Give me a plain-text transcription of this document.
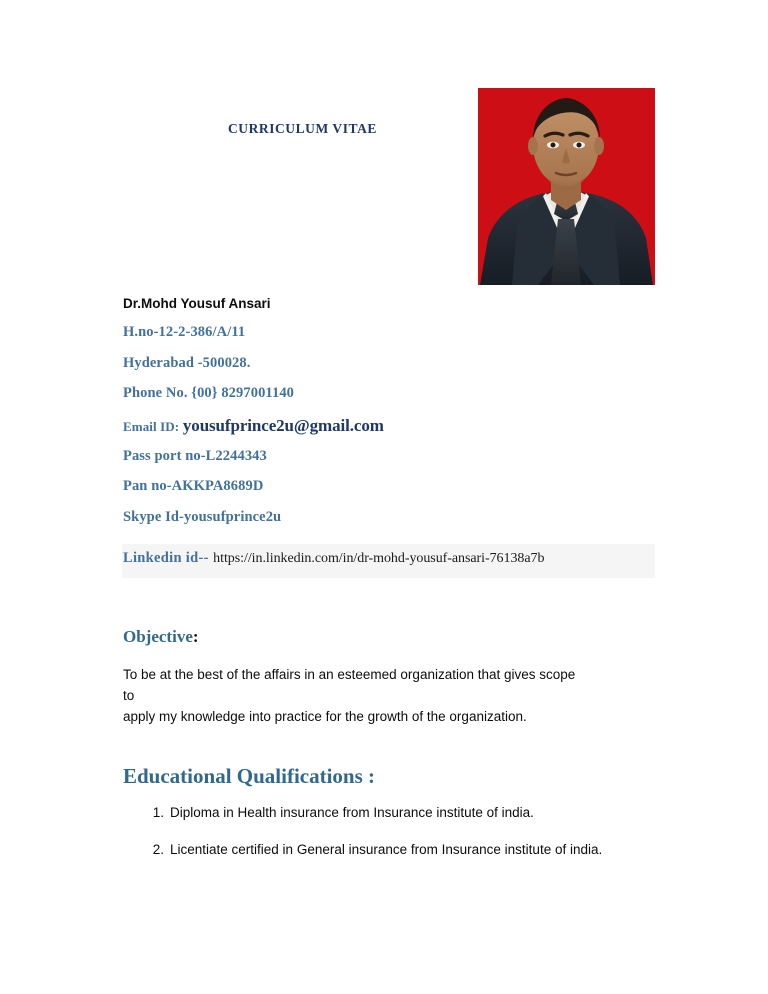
CURRICULUM VITAE
Dr.Mohd Yousuf Ansari
H.no-12-2-386/A/11
Hyderabad -500028.
Phone No. {00} 8297001140
Email ID: yousufprince2u@gmail.com
Pass port no-L2244343
Pan no-AKKPA8689D
Skype Id-yousufprince2u
Linkedin id-- https://in.linkedin.com/in/dr-mohd-yousuf-ansari-76138a7b
Objective:
To be at the best of the affairs in an esteemed organization that gives scope
to
apply my knowledge into practice for the growth of the organization.
Educational Qualifications :
1. Diploma in Health insurance from Insurance institute of india.
2. Licentiate certified in General insurance from Insurance institute of india.
